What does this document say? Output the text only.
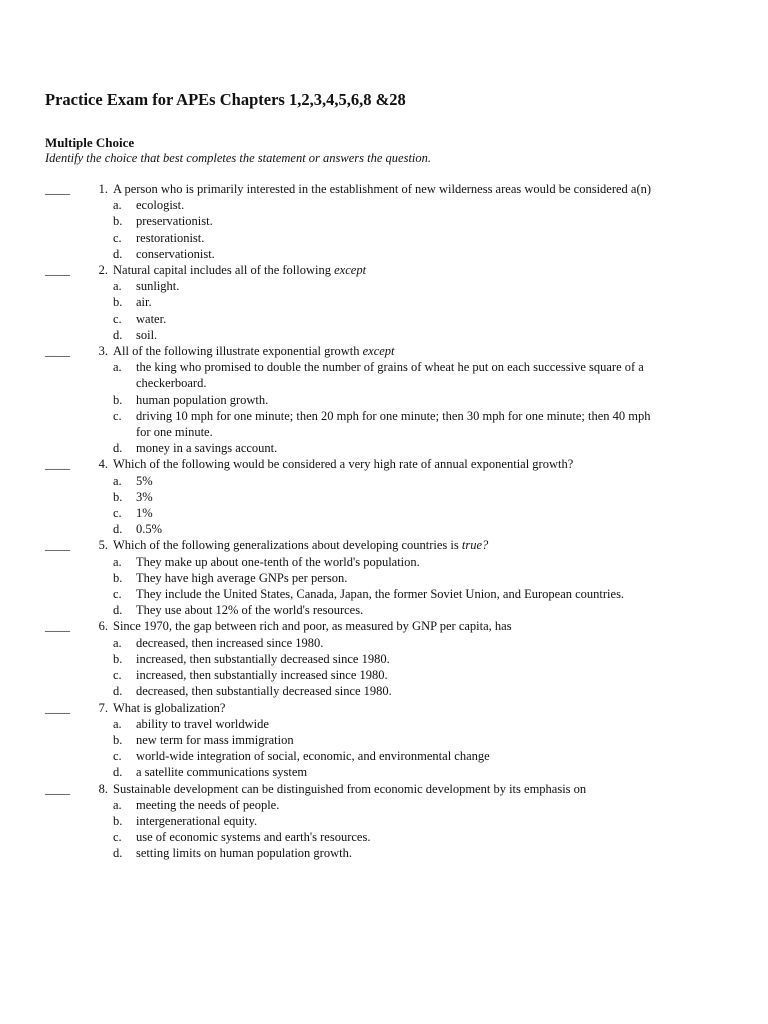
Practice Exam for APEs Chapters 1,2,3,4,5,6,8 &28
Multiple Choice
Identify the choice that best completes the statement or answers the question.
____	1. A person who is primarily interested in the establishment of new wilderness areas would be considered a(n)
a. ecologist.
b. preservationist.
c. restorationist.
d. conservationist.
____	2. Natural capital includes all of the following except
a. sunlight.
b. air.
c. water.
d. soil.
____	3. All of the following illustrate exponential growth except
a. the king who promised to double the number of grains of wheat he put on each successive square of a checkerboard.
b. human population growth.
c. driving 10 mph for one minute; then 20 mph for one minute; then 30 mph for one minute; then 40 mph for one minute.
d. money in a savings account.
____	4. Which of the following would be considered a very high rate of annual exponential growth?
a. 5%
b. 3%
c. 1%
d. 0.5%
____	5. Which of the following generalizations about developing countries is true?
a. They make up about one-tenth of the world's population.
b. They have high average GNPs per person.
c. They include the United States, Canada, Japan, the former Soviet Union, and European countries.
d. They use about 12% of the world's resources.
____	6. Since 1970, the gap between rich and poor, as measured by GNP per capita, has
a. decreased, then increased since 1980.
b. increased, then substantially decreased since 1980.
c. increased, then substantially increased since 1980.
d. decreased, then substantially decreased since 1980.
____	7. What is globalization?
a. ability to travel worldwide
b. new term for mass immigration
c. world-wide integration of social, economic, and environmental change
d. a satellite communications system
____	8. Sustainable development can be distinguished from economic development by its emphasis on
a. meeting the needs of people.
b. intergenerational equity.
c. use of economic systems and earth's resources.
d. setting limits on human population growth.
